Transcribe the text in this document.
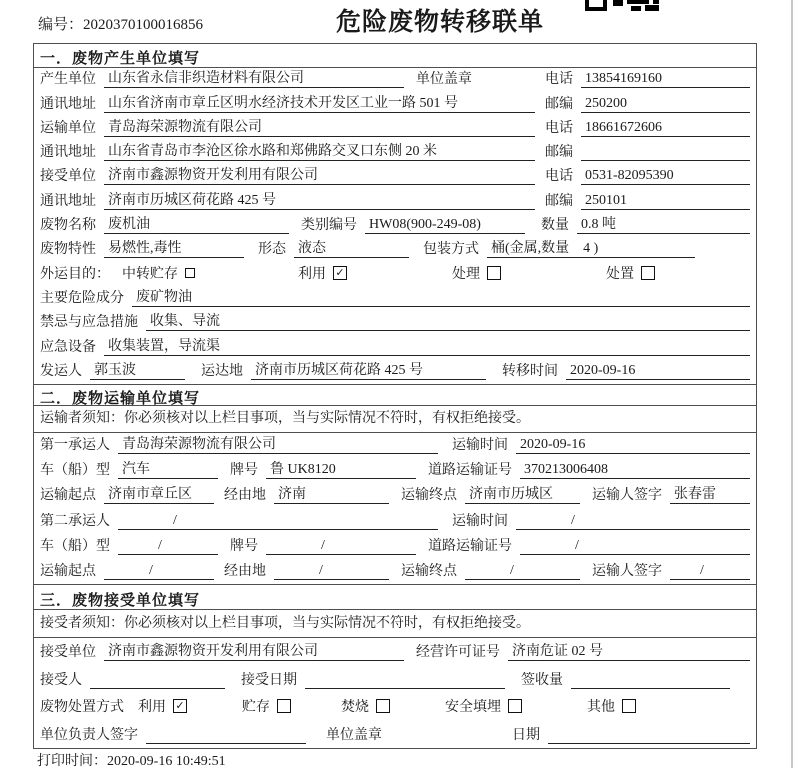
编号：2020370100016856	危险废物转移联单
一．废物产生单位填写
产生单位 山东省永信非织造材料有限公司	单位盖章	电话 13854169160
通讯地址 山东省济南市章丘区明水经济技术开发区工业一路 501 号	邮编 250200
运输单位 青岛海荣源物流有限公司	电话 18661672606
通讯地址 山东省青岛市李沧区徐水路和郑佛路交叉口东侧 20 米	邮编
接受单位 济南市鑫源物资开发利用有限公司	电话 0531-82095390
通讯地址 济南市历城区荷花路 425 号	邮编 250101
废物名称 废机油	类别编号 HW08(900-249-08)	数量 0.8 吨
废物特性 易燃性,毒性	形态 液态	包装方式 桶(金属,数量　4 )
外运目的： 中转贮存	利用 ✓	处理	处置
主要危险成分 废矿物油
禁忌与应急措施 收集、导流
应急设备 收集装置，导流渠
发运人 郭玉波	运达地 济南市历城区荷花路 425 号	转移时间 2020-09-16
二．废物运输单位填写
运输者须知： 你必须核对以上栏目事项，当与实际情况不符时，有权拒绝接受。
第一承运人 青岛海荣源物流有限公司	运输时间 2020-09-16
车（船）型 汽车	牌号 鲁 UK8120	道路运输证号 370213006408
运输起点 济南市章丘区	经由地 济南	运输终点 济南市历城区	运输人签字 张春雷
第二承运人	/	运输时间	/
车（船）型	/	牌号	/	道路运输证号	/
运输起点	/	经由地	/	运输终点	/	运输人签字	/
三．废物接受单位填写
接受者须知： 你必须核对以上栏目事项，当与实际情况不符时，有权拒绝接受。
接受单位 济南市鑫源物资开发利用有限公司	经营许可证号 济南危证 02 号
接受人	接受日期	签收量
废物处置方式 利用 ✓	贮存	焚烧	安全填埋	其他
单位负责人签字	单位盖章	日期
打印时间：2020-09-16 10:49:51
